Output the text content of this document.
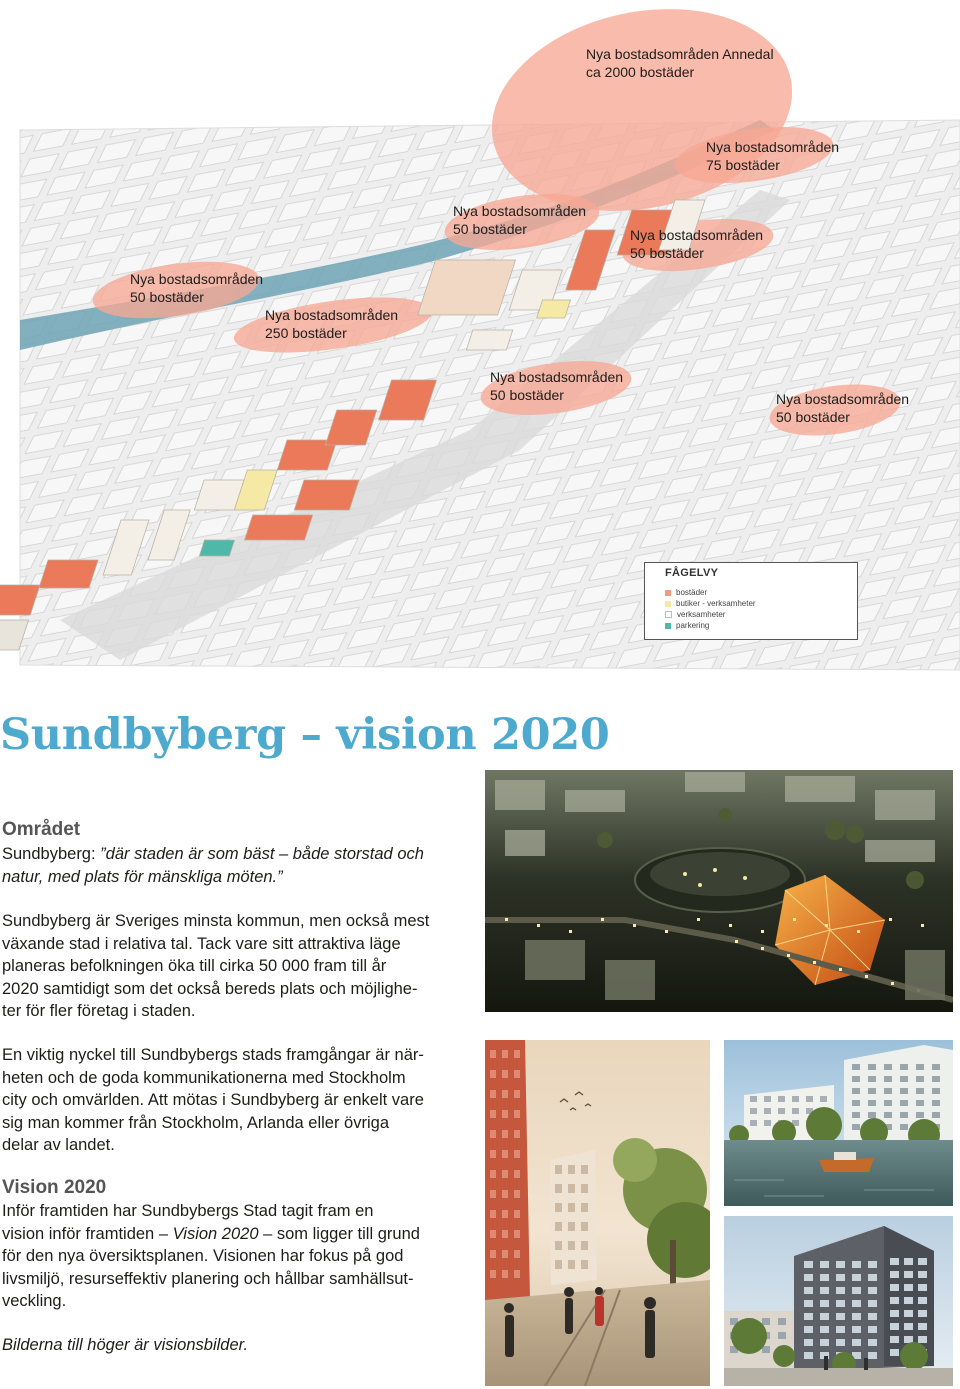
Nya bostadsområden Annedal
ca 2000 bostäder
Nya bostadsområden
75 bostäder
Nya bostadsområden
50 bostäder	Nya bostadsområden
50 bostäder
Nya bostadsområden
50 bostäder
Nya bostadsområden
250 bostäder
Nya bostadsområden
50 bostäder	Nya bostadsområden
50 bostäder
FÅGELVY
bostäder
butiker - verksamheter
verksamheter
parkering
Sundbyberg – vision 2020
Området
Sundbyberg: ”där staden är som bäst – både storstad och
natur, med plats för mänskliga möten.”
Sundbyberg är Sveriges minsta kommun, men också mest
växande stad i relativa tal. Tack vare sitt attraktiva läge
planeras befolkningen öka till cirka 50 000 fram till år
2020 samtidigt som det också bereds plats och möjlighe-
ter för fler företag i staden.
En viktig nyckel till Sundbybergs stads framgångar är när-
heten och de goda kommunikationerna med Stockholm
city och omvärlden. Att mötas i Sundbyberg är enkelt vare
sig man kommer från Stockholm, Arlanda eller övriga
delar av landet.
Vision 2020
Inför framtiden har Sundbybergs Stad tagit fram en
vision inför framtiden – Vision 2020 – som ligger till grund
för den nya översiktsplanen. Visionen har fokus på god
livsmiljö, resurseffektiv planering och hållbar samhällsut-
veckling.
Bilderna till höger är visionsbilder.
